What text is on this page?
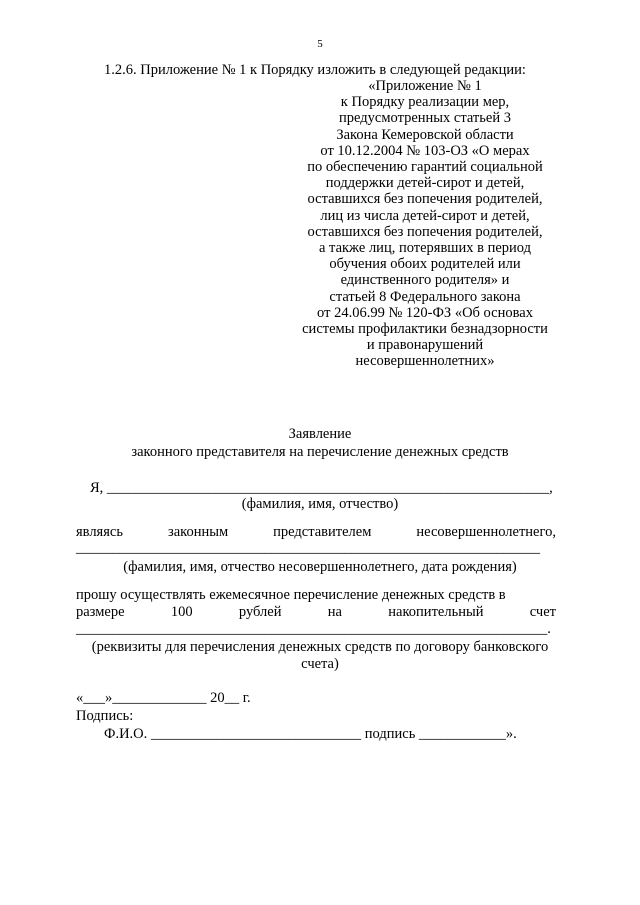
5
1.2.6. Приложение № 1 к Порядку изложить в следующей редакции:
«Приложение № 1
к Порядку реализации мер,
предусмотренных статьей 3
Закона Кемеровской области
от 10.12.2004 № 103-ОЗ «О мерах
по обеспечению гарантий социальной
поддержки детей-сирот и детей,
оставшихся без попечения родителей,
лиц из числа детей-сирот и детей,
оставшихся без попечения родителей,
а также лиц, потерявших в период
обучения обоих родителей или
единственного родителя» и
статьей 8 Федерального закона
от 24.06.99 № 120-ФЗ «Об основах
системы профилактики безнадзорности
и правонарушений
несовершеннолетних»
Заявление
законного представителя на перечисление денежных средств
Я, _____________________________________________________________,
(фамилия, имя, отчество)
являясь	законным	представителем	несовершеннолетнего,
________________________________________________________________
(фамилия, имя, отчество несовершеннолетнего, дата рождения)
прошу осуществлять ежемесячное перечисление денежных средств в
размере	100	рублей	на	накопительный	счет
_________________________________________________________________.
(реквизиты для перечисления денежных средств по договору банковского
счета)
«___»_____________ 20__ г.
Подпись:
Ф.И.О. _____________________________ подпись ____________».
